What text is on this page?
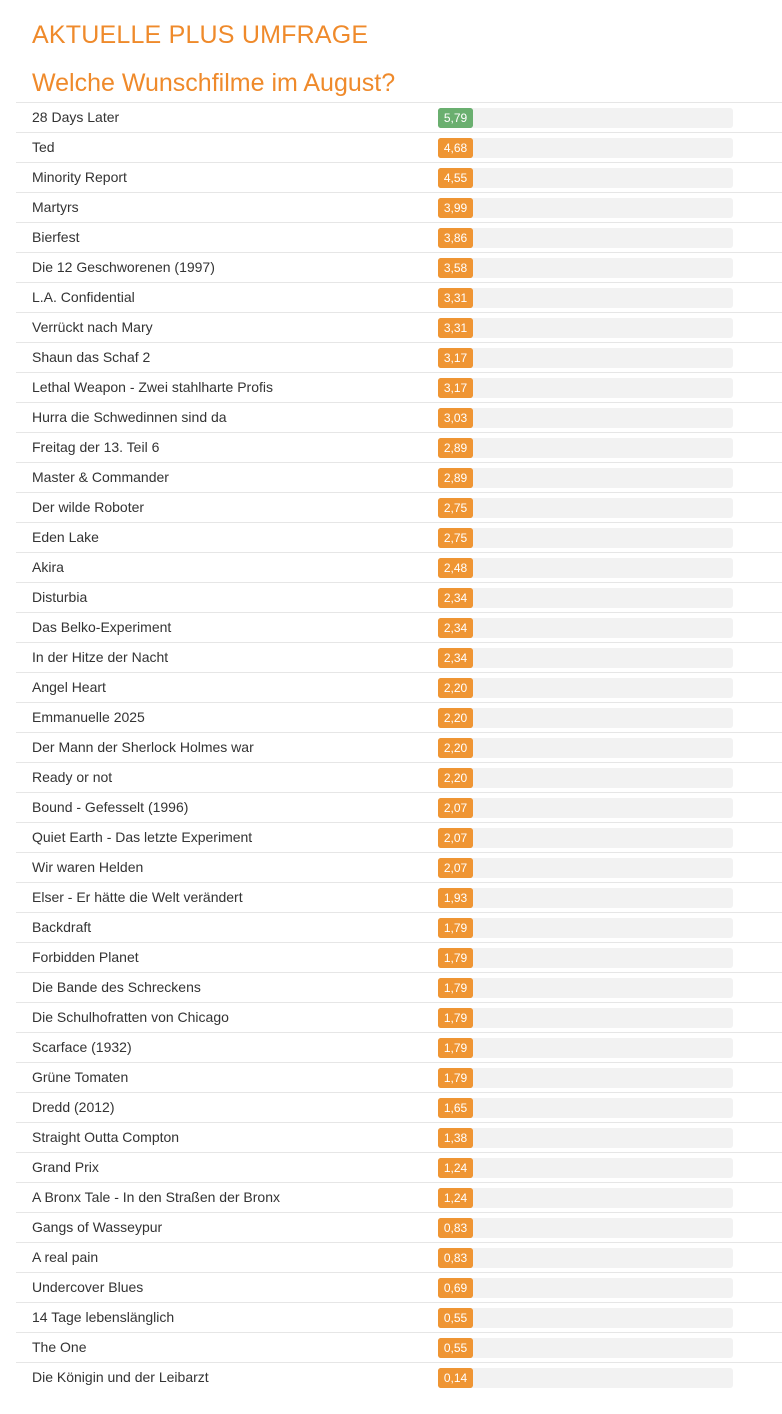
AKTUELLE PLUS UMFRAGE
Welche Wunschfilme im August?
28 Days Later	5,79
Ted	4,68
Minority Report	4,55
Martyrs	3,99
Bierfest	3,86
Die 12 Geschworenen (1997)	3,58
L.A. Confidential	3,31
Verrückt nach Mary	3,31
Shaun das Schaf 2	3,17
Lethal Weapon - Zwei stahlharte Profis	3,17
Hurra die Schwedinnen sind da	3,03
Freitag der 13. Teil 6	2,89
Master & Commander	2,89
Der wilde Roboter	2,75
Eden Lake	2,75
Akira	2,48
Disturbia	2,34
Das Belko-Experiment	2,34
In der Hitze der Nacht	2,34
Angel Heart	2,20
Emmanuelle 2025	2,20
Der Mann der Sherlock Holmes war	2,20
Ready or not	2,20
Bound - Gefesselt (1996)	2,07
Quiet Earth - Das letzte Experiment	2,07
Wir waren Helden	2,07
Elser - Er hätte die Welt verändert	1,93
Backdraft	1,79
Forbidden Planet	1,79
Die Bande des Schreckens	1,79
Die Schulhofratten von Chicago	1,79
Scarface (1932)	1,79
Grüne Tomaten	1,79
Dredd (2012)	1,65
Straight Outta Compton	1,38
Grand Prix	1,24
A Bronx Tale - In den Straßen der Bronx	1,24
Gangs of Wasseypur	0,83
A real pain	0,83
Undercover Blues	0,69
14 Tage lebenslänglich	0,55
The One	0,55
Die Königin und der Leibarzt	0,14
